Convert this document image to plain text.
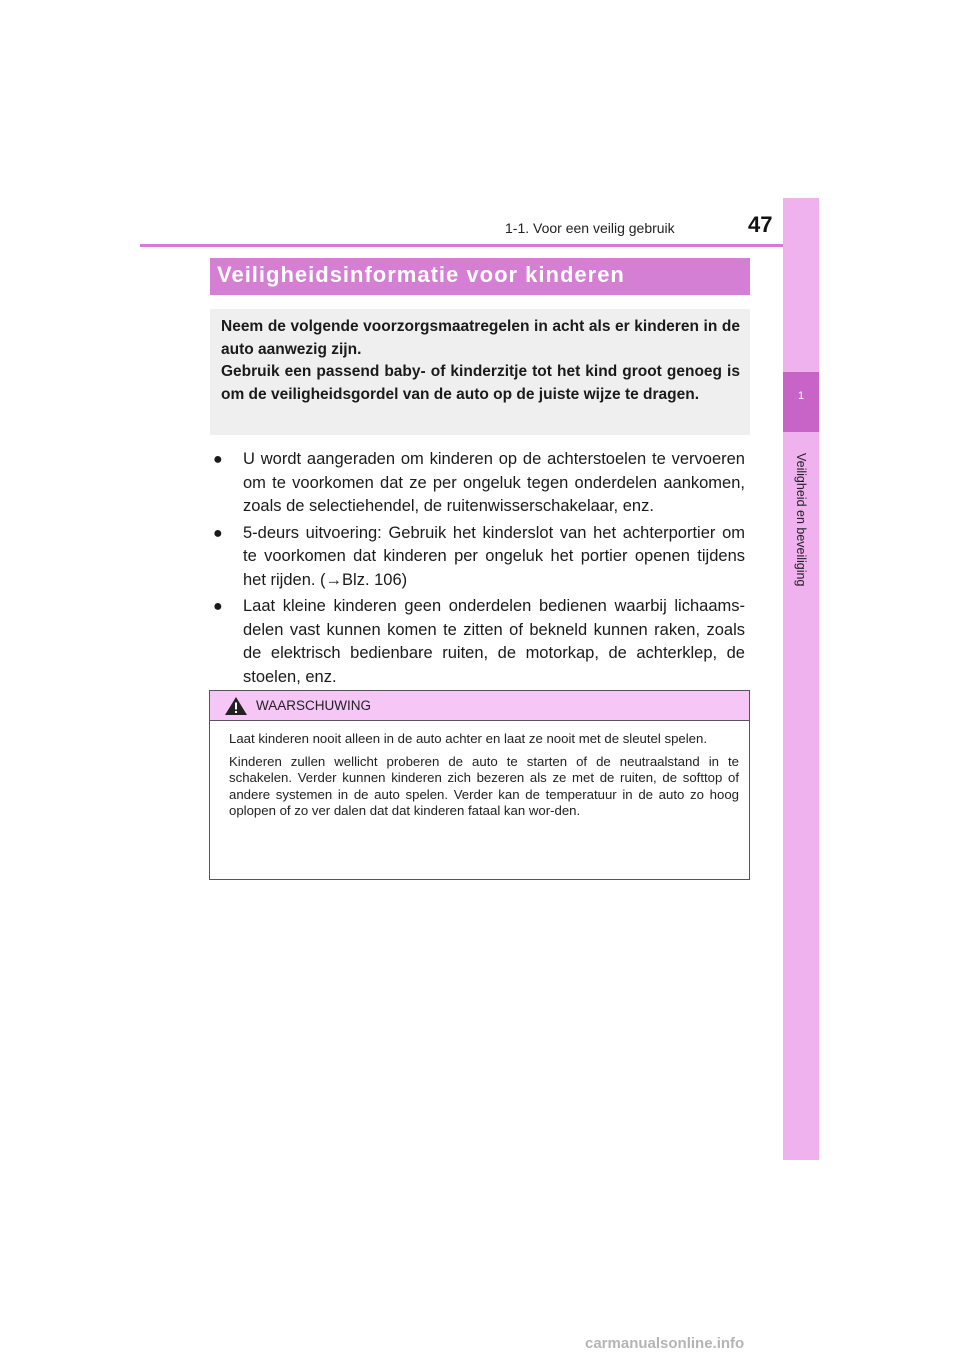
1-1. Voor een veilig gebruik	47
1
Veiligheid en beveiliging
Veiligheidsinformatie voor kinderen

Neem de volgende voorzorgsmaatregelen in acht als er kinderen in de auto aanwezig zijn.

Gebruik een passend baby- of kinderzitje tot het kind groot genoeg is om de veiligheidsgordel van de auto op de juiste wijze te dragen.

● U wordt aangeraden om kinderen op de achterstoelen te vervoeren om te voorkomen dat ze per ongeluk tegen onderdelen aankomen, zoals de selectiehendel, de ruitenwisserschakelaar, enz.
● 5-deurs uitvoering: Gebruik het kinderslot van het achterportier om te voorkomen dat kinderen per ongeluk het portier openen tijdens het rijden. (→Blz. 106)
● Laat kleine kinderen geen onderdelen bedienen waarbij lichaams-delen vast kunnen komen te zitten of bekneld kunnen raken, zoals de elektrisch bedienbare ruiten, de motorkap, de achterklep, de stoelen, enz.
WAARSCHUWING

Laat kinderen nooit alleen in de auto achter en laat ze nooit met de sleutel spelen.

Kinderen zullen wellicht proberen de auto te starten of de neutraalstand in te schakelen. Verder kunnen kinderen zich bezeren als ze met de ruiten, de softtop of andere systemen in de auto spelen. Verder kan de temperatuur in de auto zo hoog oplopen of zo ver dalen dat dat kinderen fataal kan wor-den.

carmanualsonline.info
